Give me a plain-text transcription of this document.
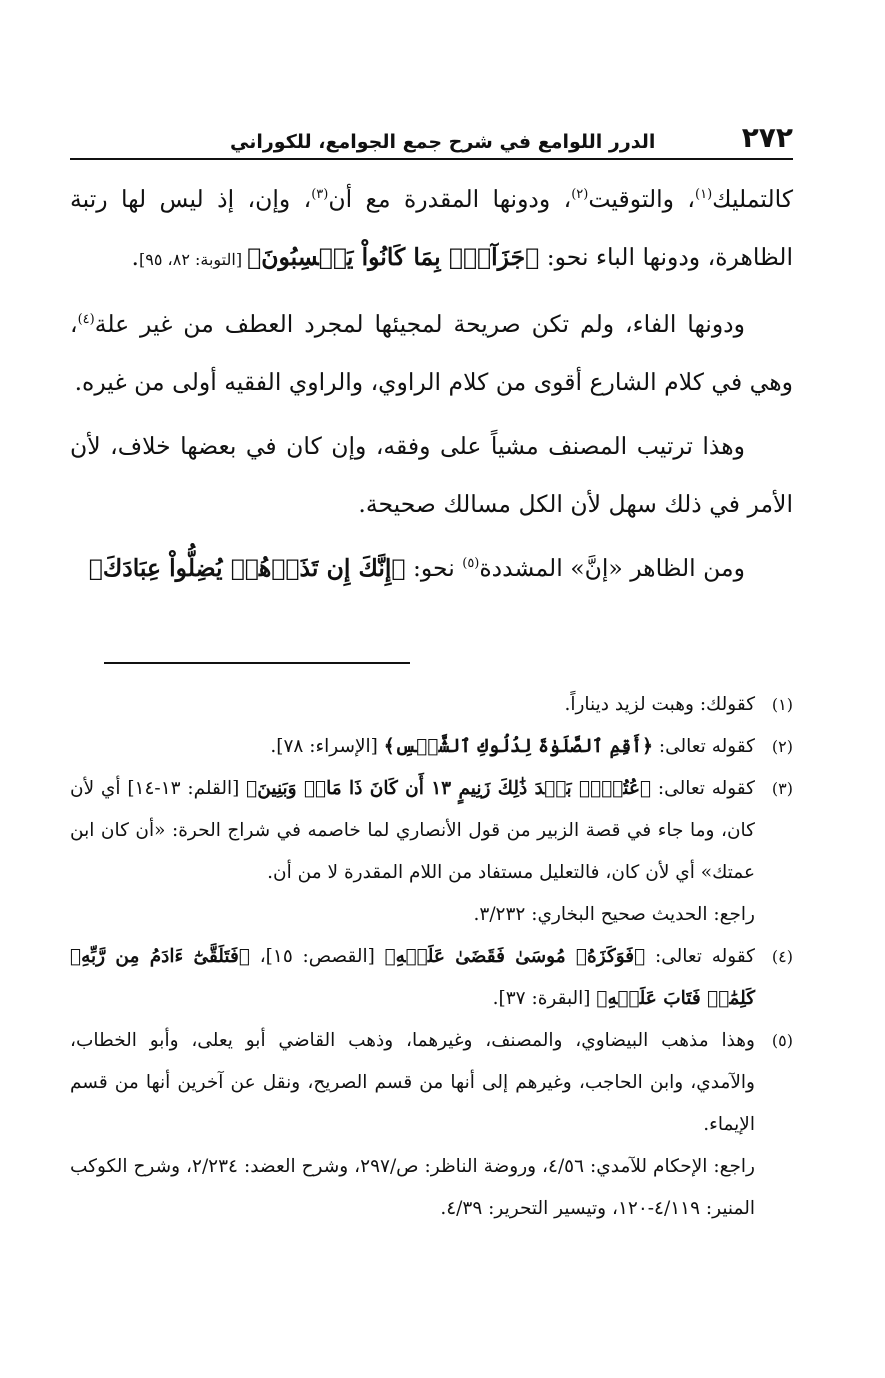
٢٧٢
الدرر اللوامع في شرح جمع الجوامع، للكوراني

كالتمليك$^{(١)}$، والتوقيت$^{(٢)}$، ودونها المقدرة مع أن$^{(٣)}$، وإن، إذ ليس لها رتبة الظاهرة، ودونها الباء نحو: ﴿جَزَآءَۢ بِمَا كَانُواْ يَكۡسِبُونَ﴾ [التوبة: ٨٢، ٩٥].

ودونها الفاء، ولم تكن صريحة لمجيئها لمجرد العطف من غير علة$^{(٤)}$، وهي في كلام الشارع أقوى من كلام الراوي، والراوي الفقيه أولى من غيره.

وهذا ترتيب المصنف مشياً على وفقه، وإن كان في بعضها خلاف، لأن الأمر في ذلك سهل لأن الكل مسالك صحيحة.

ومن الظاهر «إنَّ» المشددة$^{(٥)}$ نحو: ﴿إِنَّكَ إِن تَذَرۡهُمۡ يُضِلُّواْ عِبَادَكَ﴾

(١)
كقولك: وهبت لزيد ديناراً.

(٢)
كقوله تعالى: ﴿أَقِمِ ٱلصَّلَوٰةَ لِدُلُوكِ ٱلشَّمۡسِ﴾ [الإسراء: ٧٨].

(٣)
كقوله تعالى: ﴿عُتُلِّۢ بَعۡدَ ذَٰلِكَ زَنِيمٍ ١٣ أَن كَانَ ذَا مَالٖ وَبَنِينَ﴾ [القلم: ١٣-١٤] أي لأن كان، وما جاء في قصة الزبير من قول الأنصاري لما خاصمه في شراج الحرة: «أن كان ابن عمتك» أي لأن كان، فالتعليل مستفاد من اللام المقدرة لا من أن.

راجع: الحديث صحيح البخاري: ٣/٢٣٢.

(٤)
كقوله تعالى: ﴿فَوَكَزَهُۥ مُوسَىٰ فَقَضَىٰ عَلَيۡهِ﴾ [القصص: ١٥]، ﴿فَتَلَقَّىٰٓ ءَادَمُ مِن رَّبِّهِۦ كَلِمَٰتٖ فَتَابَ عَلَيۡهِ﴾ [البقرة: ٣٧].

(٥)
وهذا مذهب البيضاوي، والمصنف، وغيرهما، وذهب القاضي أبو يعلى، وأبو الخطاب، والآمدي، وابن الحاجب، وغيرهم إلى أنها من قسم الصريح، ونقل عن آخرين أنها من قسم الإيماء.

راجع: الإحكام للآمدي: ٤/٥٦، وروضة الناظر: ص/٢٩٧، وشرح العضد: ٢/٢٣٤، وشرح الكوكب المنير: ٤/١١٩-١٢٠، وتيسير التحرير: ٤/٣٩.
